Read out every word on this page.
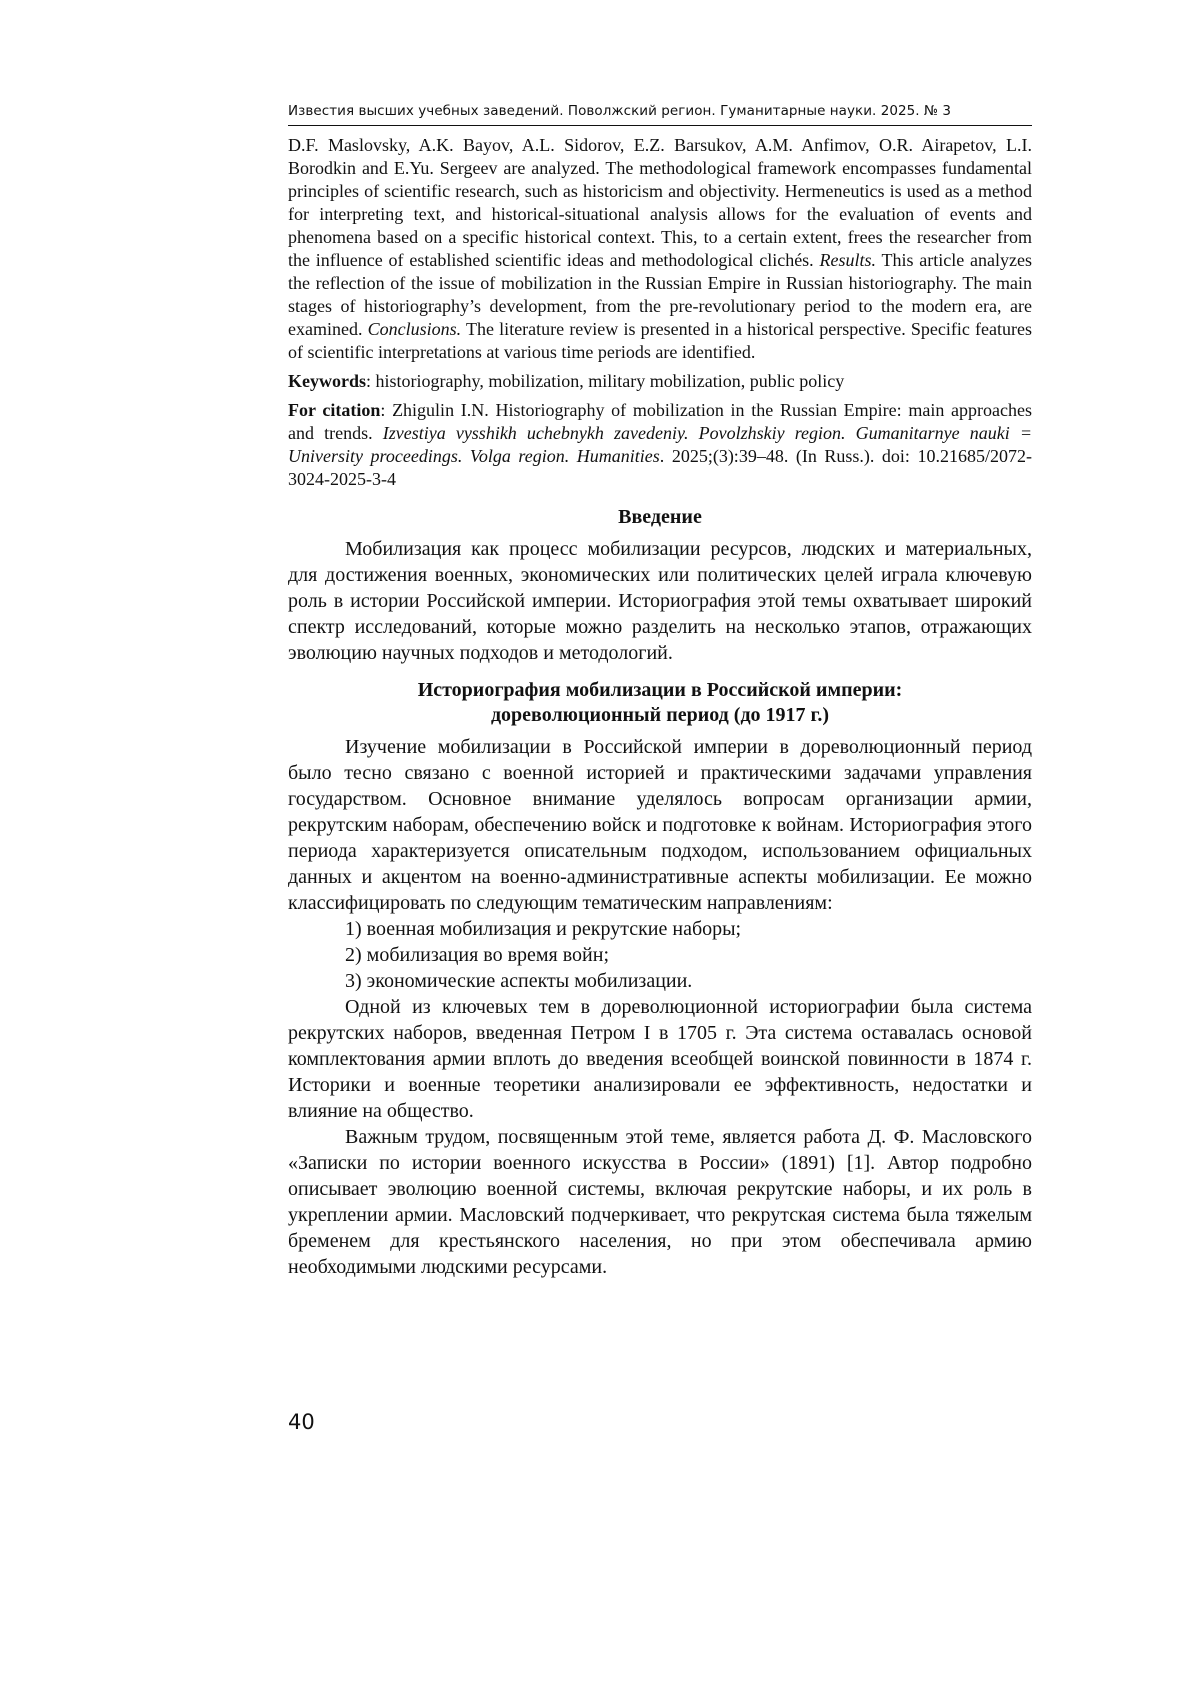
Известия высших учебных заведений. Поволжский регион. Гуманитарные науки. 2025. № 3

D.F. Maslovsky, A.K. Bayov, A.L. Sidorov, E.Z. Barsukov, A.M. Anfimov, O.R. Airapetov, L.I. Borodkin and E.Yu. Sergeev are analyzed. The methodological framework encompasses fundamental principles of scientific research, such as historicism and objectivity. Hermeneutics is used as a method for interpreting text, and historical-situational analysis allows for the evaluation of events and phenomena based on a specific historical context. This, to a certain extent, frees the researcher from the influence of established scientific ideas and methodological clichés. Results. This article analyzes the reflection of the issue of mobilization in the Russian Empire in Russian historiography. The main stages of historiography’s development, from the pre-revolutionary period to the modern era, are examined. Conclusions. The literature review is presented in a historical perspective. Specific features of scientific interpretations at various time periods are identified.

Keywords: historiography, mobilization, military mobilization, public policy

For citation: Zhigulin I.N. Historiography of mobilization in the Russian Empire: main approaches and trends. Izvestiya vysshikh uchebnykh zavedeniy. Povolzhskiy region. Gumanitarnye nauki = University proceedings. Volga region. Humanities. 2025;(3):39–48. (In Russ.). doi: 10.21685/2072-3024-2025-3-4

Введение

Мобилизация как процесс мобилизации ресурсов, людских и материальных, для достижения военных, экономических или политических целей играла ключевую роль в истории Российской империи. Историография этой темы охватывает широкий спектр исследований, которые можно разделить на несколько этапов, отражающих эволюцию научных подходов и методологий.

Историография мобилизации в Российской империи:

дореволюционный период (до 1917 г.)

Изучение мобилизации в Российской империи в дореволюционный период было тесно связано с военной историей и практическими задачами управления государством. Основное внимание уделялось вопросам организации армии, рекрутским наборам, обеспечению войск и подготовке к войнам. Историография этого периода характеризуется описательным подходом, использованием официальных данных и акцентом на военно-административные аспекты мобилизации. Ее можно классифицировать по следующим тематическим направлениям:

1) военная мобилизация и рекрутские наборы;

2) мобилизация во время войн;

3) экономические аспекты мобилизации.

Одной из ключевых тем в дореволюционной историографии была система рекрутских наборов, введенная Петром I в 1705 г. Эта система оставалась основой комплектования армии вплоть до введения всеобщей воинской повинности в 1874 г. Историки и военные теоретики анализировали ее эффективность, недостатки и влияние на общество.

Важным трудом, посвященным этой теме, является работа Д. Ф. Масловского «Записки по истории военного искусства в России» (1891) [1]. Автор подробно описывает эволюцию военной системы, включая рекрутские наборы, и их роль в укреплении армии. Масловский подчеркивает, что рекрутская система была тяжелым бременем для крестьянского населения, но при этом обеспечивала армию необходимыми людскими ресурсами.

40
